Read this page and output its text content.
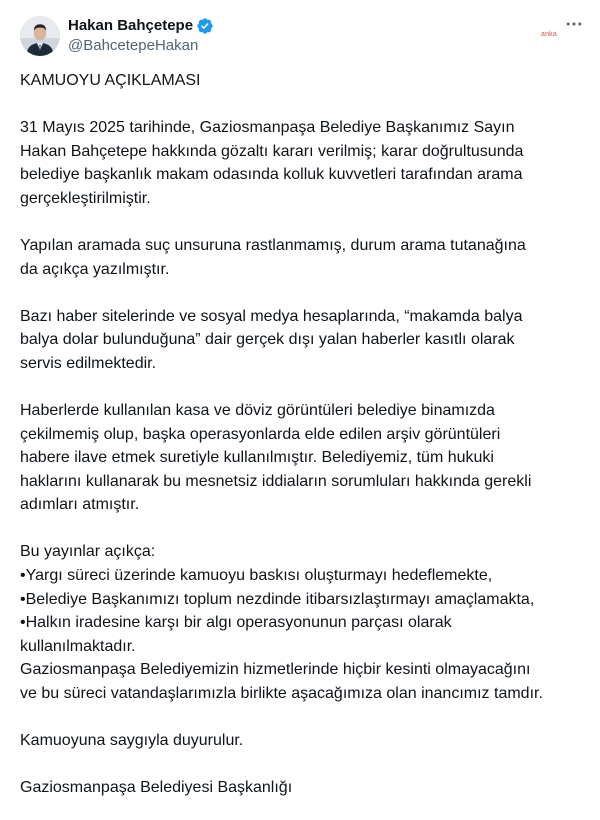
Hakan Bahçetepe
@BahcetepeHakan
anka

KAMUOYU AÇIKLAMASI

31 Mayıs 2025 tarihinde, Gaziosmanpaşa Belediye Başkanımız Sayın

Hakan Bahçetepe hakkında gözaltı kararı verilmiş; karar doğrultusunda

belediye başkanlık makam odasında kolluk kuvvetleri tarafından arama

gerçekleştirilmiştir.

Yapılan aramada suç unsuruna rastlanmamış, durum arama tutanağına

da açıkça yazılmıştır.

Bazı haber sitelerinde ve sosyal medya hesaplarında, “makamda balya

balya dolar bulunduğuna” dair gerçek dışı yalan haberler kasıtlı olarak

servis edilmektedir.

Haberlerde kullanılan kasa ve döviz görüntüleri belediye binamızda

çekilmemiş olup, başka operasyonlarda elde edilen arşiv görüntüleri

habere ilave etmek suretiyle kullanılmıştır. Belediyemiz, tüm hukuki

haklarını kullanarak bu mesnetsiz iddiaların sorumluları hakkında gerekli

adımları atmıştır.

Bu yayınlar açıkça:

•Yargı süreci üzerinde kamuoyu baskısı oluşturmayı hedeflemekte,

•Belediye Başkanımızı toplum nezdinde itibarsızlaştırmayı amaçlamakta,

•Halkın iradesine karşı bir algı operasyonunun parçası olarak

kullanılmaktadır.

Gaziosmanpaşa Belediyemizin hizmetlerinde hiçbir kesinti olmayacağını

ve bu süreci vatandaşlarımızla birlikte aşacağımıza olan inancımız tamdır.

Kamuoyuna saygıyla duyurulur.

Gaziosmanpaşa Belediyesi Başkanlığı
